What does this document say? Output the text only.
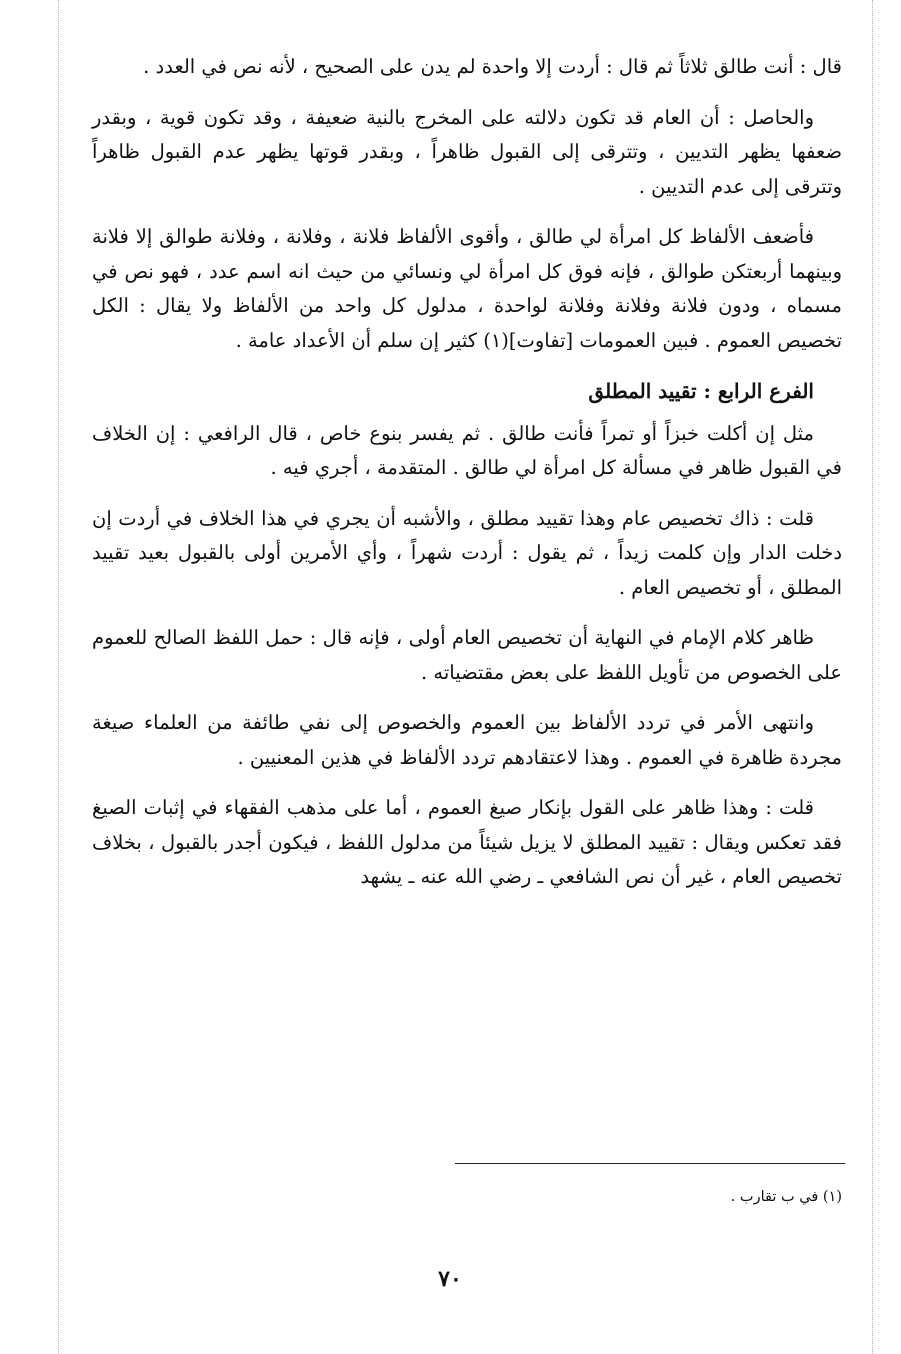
قال : أنت طالق ثلاثاً ثم قال : أردت إلا واحدة لم يدن على الصحيح ، لأنه نص في العدد .

والحاصل : أن العام قد تكون دلالته على المخرج بالنية ضعيفة ، وقد تكون قوية ، وبقدر ضعفها يظهر التديين ، وتترقى إلى القبول ظاهراً ، وبقدر قوتها يظهر عدم القبول ظاهراً وتترقى إلى عدم التديين .

فأضعف الألفاظ كل امرأة لي طالق ، وأقوى الألفاظ فلانة ، وفلانة ، وفلانة طوالق إلا فلانة وبينهما أربعتكن طوالق ، فإنه فوق كل امرأة لي ونسائي من حيث انه اسم عدد ، فهو نص في مسماه ، ودون فلانة وفلانة وفلانة لواحدة ، مدلول كل واحد من الألفاظ ولا يقال : الكل تخصيص العموم . فبين العمومات [تفاوت](١) كثير إن سلم أن الأعداد عامة .

الفرع الرابع : تقييد المطلق

مثل إن أكلت خبزاً أو تمراً فأنت طالق . ثم يفسر بنوع خاص ، قال الرافعي : إن الخلاف في القبول ظاهر في مسألة كل امرأة لي طالق . المتقدمة ، أجري فيه .

قلت : ذاك تخصيص عام وهذا تقييد مطلق ، والأشبه أن يجري في هذا الخلاف في أردت إن دخلت الدار وإن كلمت زيداً ، ثم يقول : أردت شهراً ، وأي الأمرين أولى بالقبول بعيد تقييد المطلق ، أو تخصيص العام .

ظاهر كلام الإمام في النهاية أن تخصيص العام أولى ، فإنه قال : حمل اللفظ الصالح للعموم على الخصوص من تأويل اللفظ على بعض مقتضياته .

وانتهى الأمر في تردد الألفاظ بين العموم والخصوص إلى نفي طائفة من العلماء صيغة مجردة ظاهرة في العموم . وهذا لاعتقادهم تردد الألفاظ في هذين المعنيين .

قلت : وهذا ظاهر على القول بإنكار صيغ العموم ، أما على مذهب الفقهاء في إثبات الصيغ فقد تعكس ويقال : تقييد المطلق لا يزيل شيئاً من مدلول اللفظ ، فيكون أجدر بالقبول ، بخلاف تخصيص العام ، غير أن نص الشافعي ـ رضي الله عنه ـ يشهد

(١) في ب تقارب .
٧٠
